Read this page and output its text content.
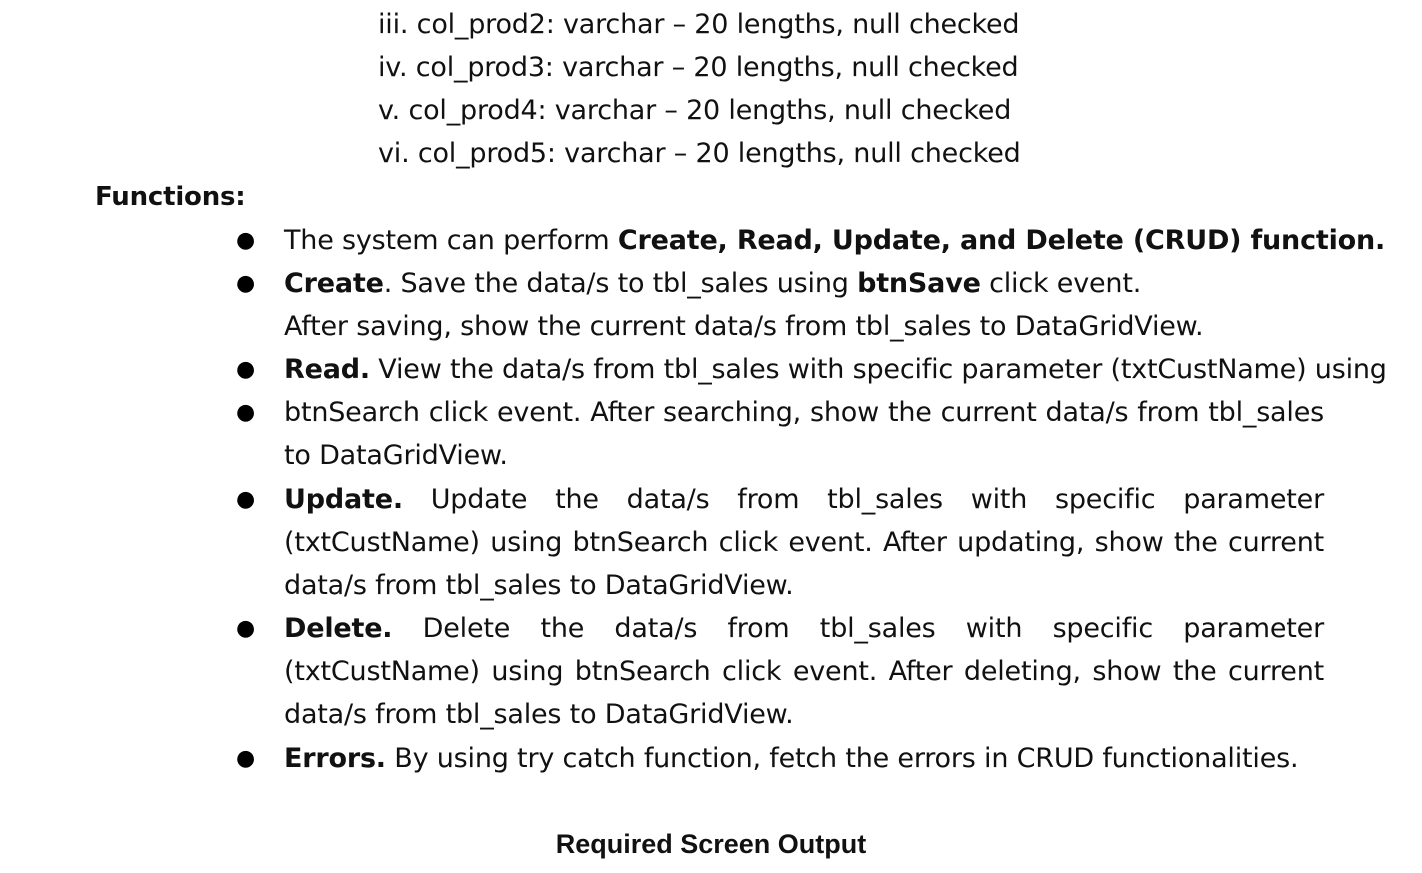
iii. col_prod2: varchar – 20 lengths, null checked
iv. col_prod3: varchar – 20 lengths, null checked
v. col_prod4: varchar – 20 lengths, null checked
vi. col_prod5: varchar – 20 lengths, null checked
Functions:
● The system can perform Create, Read, Update, and Delete (CRUD) function.
● Create. Save the data/s to tbl_sales using btnSave click event.
After saving, show the current data/s from tbl_sales to DataGridView.
● Read. View the data/s from tbl_sales with specific parameter (txtCustName) using
● btnSearch click event. After searching, show the current data/s from tbl_sales to DataGridView.
● Update. Update the data/s from tbl_sales with specific parameter (txtCustName) using btnSearch click event. After updating, show the current data/s from tbl_sales to DataGridView.
● Delete. Delete the data/s from tbl_sales with specific parameter (txtCustName) using btnSearch click event. After deleting, show the current data/s from tbl_sales to DataGridView.
● Errors. By using try catch function, fetch the errors in CRUD functionalities.
Required Screen Output
